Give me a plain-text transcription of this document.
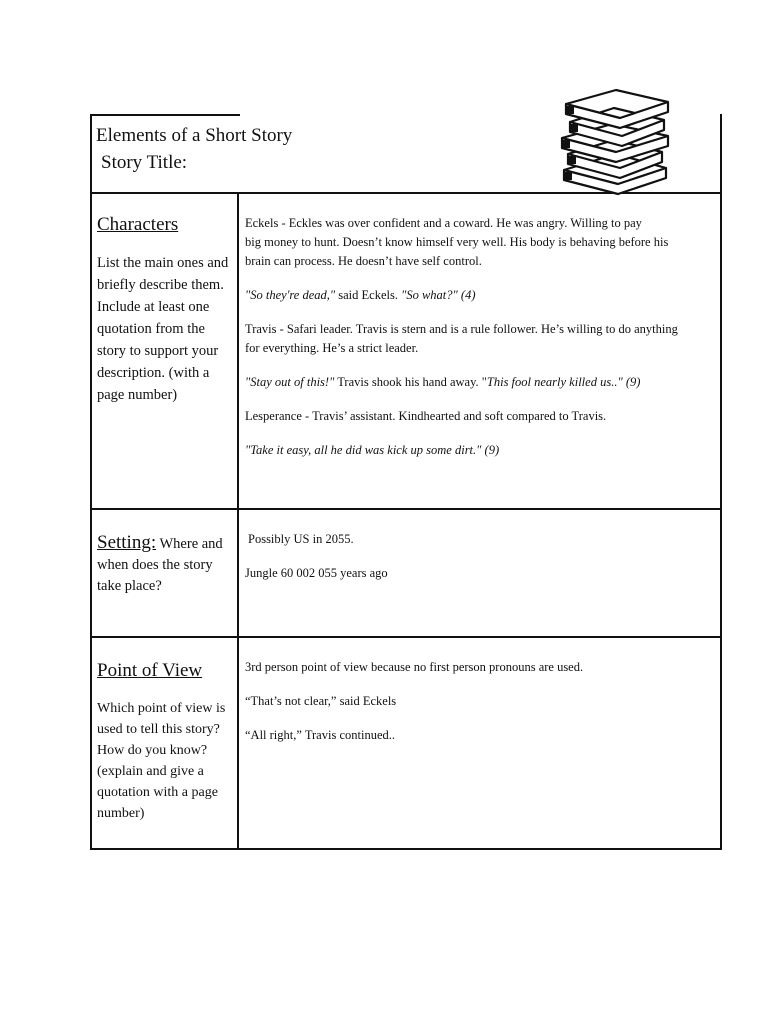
Elements of a Short Story
Story Title:
Characters
List the main ones and briefly describe them. Include at least one quotation from the story to support your description. (with a page number)

Eckels - Eckles was over confident and a coward. He was angry. Willing to pay
big money to hunt. Doesn’t know himself very well. His body is behaving before his
brain can process. He doesn’t have self control.

"So they're dead," said Eckels. "So what?" (4)

Travis - Safari leader. Travis is stern and is a rule follower. He’s willing to do anything
for everything. He’s a strict leader.

"Stay out of this!" Travis shook his hand away. "This fool nearly killed us.." (9)

Lesperance - Travis’ assistant. Kindhearted and soft compared to Travis.

"Take it easy, all he did was kick up some dirt." (9)

Setting: Where and when does the story take place?

Possibly US in 2055.

Jungle 60 002 055 years ago

Point of View
Which point of view is used to tell this story? How do you know? (explain and give a quotation with a page number)

3rd person point of view because no first person pronouns are used.

“That’s not clear,” said Eckels

“All right,” Travis continued..
